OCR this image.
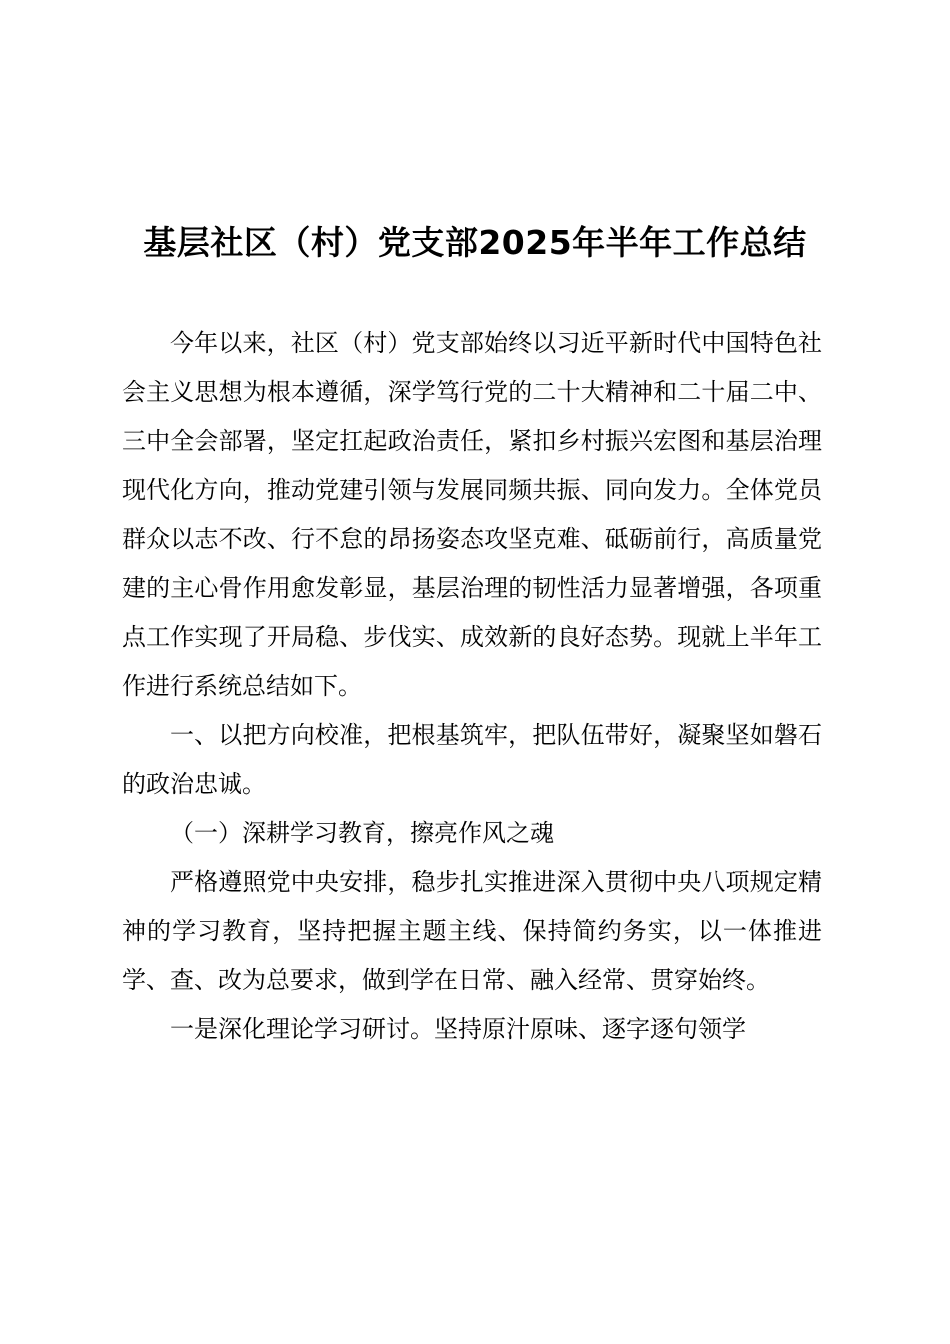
基层社区（村）党支部2025年半年工作总结

今年以来，社区（村）党支部始终以习近平新时代中国特色社会主义思想为根本遵循，深学笃行党的二十大精神和二十届二中、三中全会部署，坚定扛起政治责任，紧扣乡村振兴宏图和基层治理现代化方向，推动党建引领与发展同频共振、同向发力。全体党员群众以志不改、行不怠的昂扬姿态攻坚克难、砥砺前行，高质量党建的主心骨作用愈发彰显，基层治理的韧性活力显著增强，各项重点工作实现了开局稳、步伐实、成效新的良好态势。现就上半年工作进行系统总结如下。

一、以把方向校准，把根基筑牢，把队伍带好，凝聚坚如磐石的政治忠诚。

（一）深耕学习教育，擦亮作风之魂

严格遵照党中央安排，稳步扎实推进深入贯彻中央八项规定精神的学习教育，坚持把握主题主线、保持简约务实，以一体推进学、查、改为总要求，做到学在日常、融入经常、贯穿始终。

一是深化理论学习研讨。坚持原汁原味、逐字逐句领学
